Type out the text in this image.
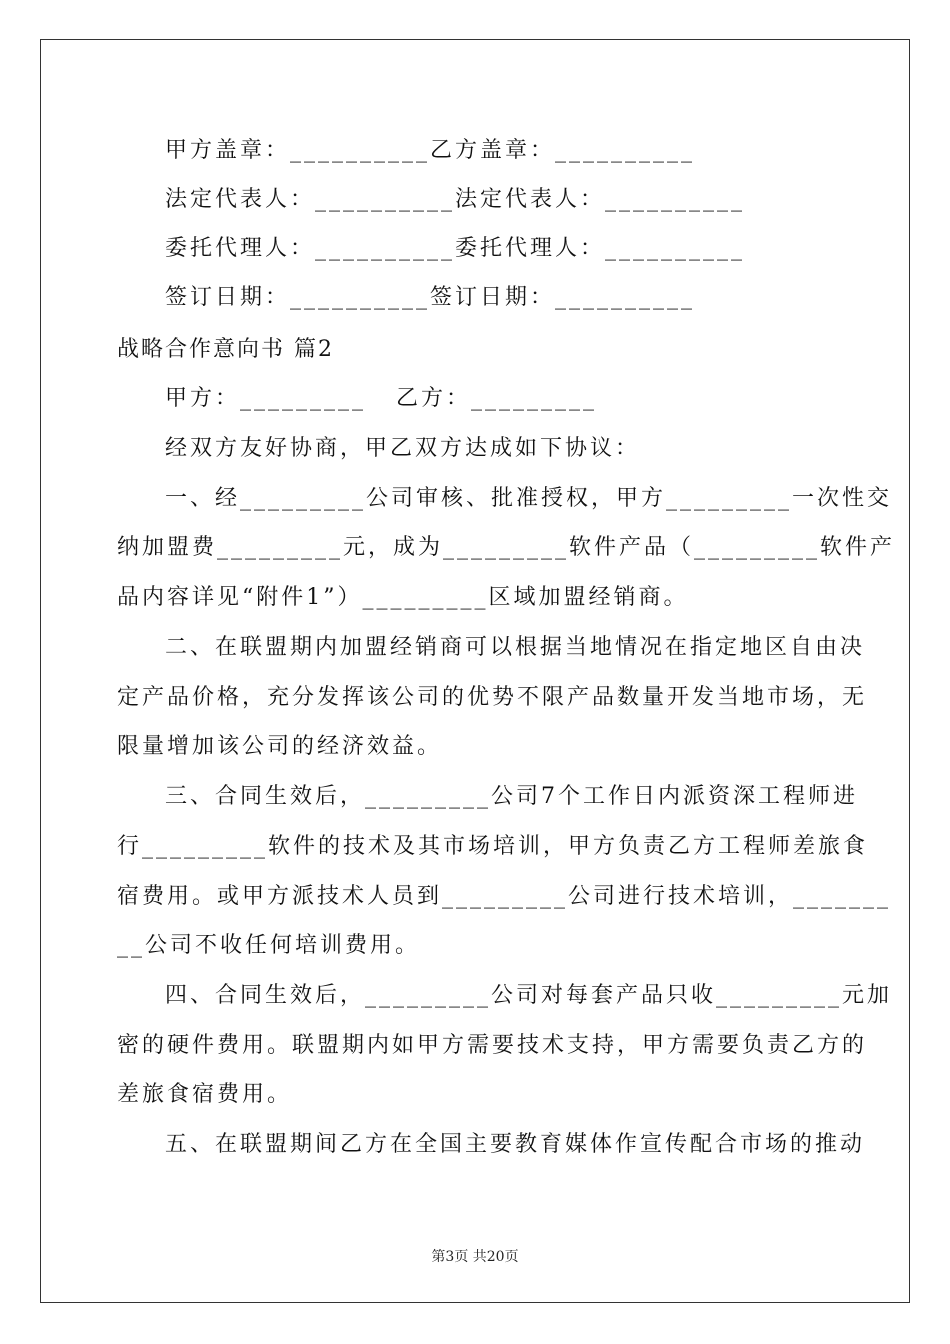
甲方盖章：__________乙方盖章：__________
法定代表人：__________法定代表人：__________
委托代理人：__________委托代理人：__________
签订日期：__________签订日期：__________
战略合作意向书 篇2
甲方：_________   乙方：_________
经双方友好协商，甲乙双方达成如下协议：
一、经_________公司审核、批准授权，甲方_________一次性交
纳加盟费_________元，成为_________软件产品（_________软件产
品内容详见“附件1”）_________区域加盟经销商。
二、在联盟期内加盟经销商可以根据当地情况在指定地区自由决
定产品价格，充分发挥该公司的优势不限产品数量开发当地市场，无
限量增加该公司的经济效益。
三、合同生效后，_________公司7个工作日内派资深工程师进
行_________软件的技术及其市场培训，甲方负责乙方工程师差旅食
宿费用。或甲方派技术人员到_________公司进行技术培训，_______
__公司不收任何培训费用。
四、合同生效后，_________公司对每套产品只收_________元加
密的硬件费用。联盟期内如甲方需要技术支持，甲方需要负责乙方的
差旅食宿费用。
五、在联盟期间乙方在全国主要教育媒体作宣传配合市场的推动
第3页 共20页
